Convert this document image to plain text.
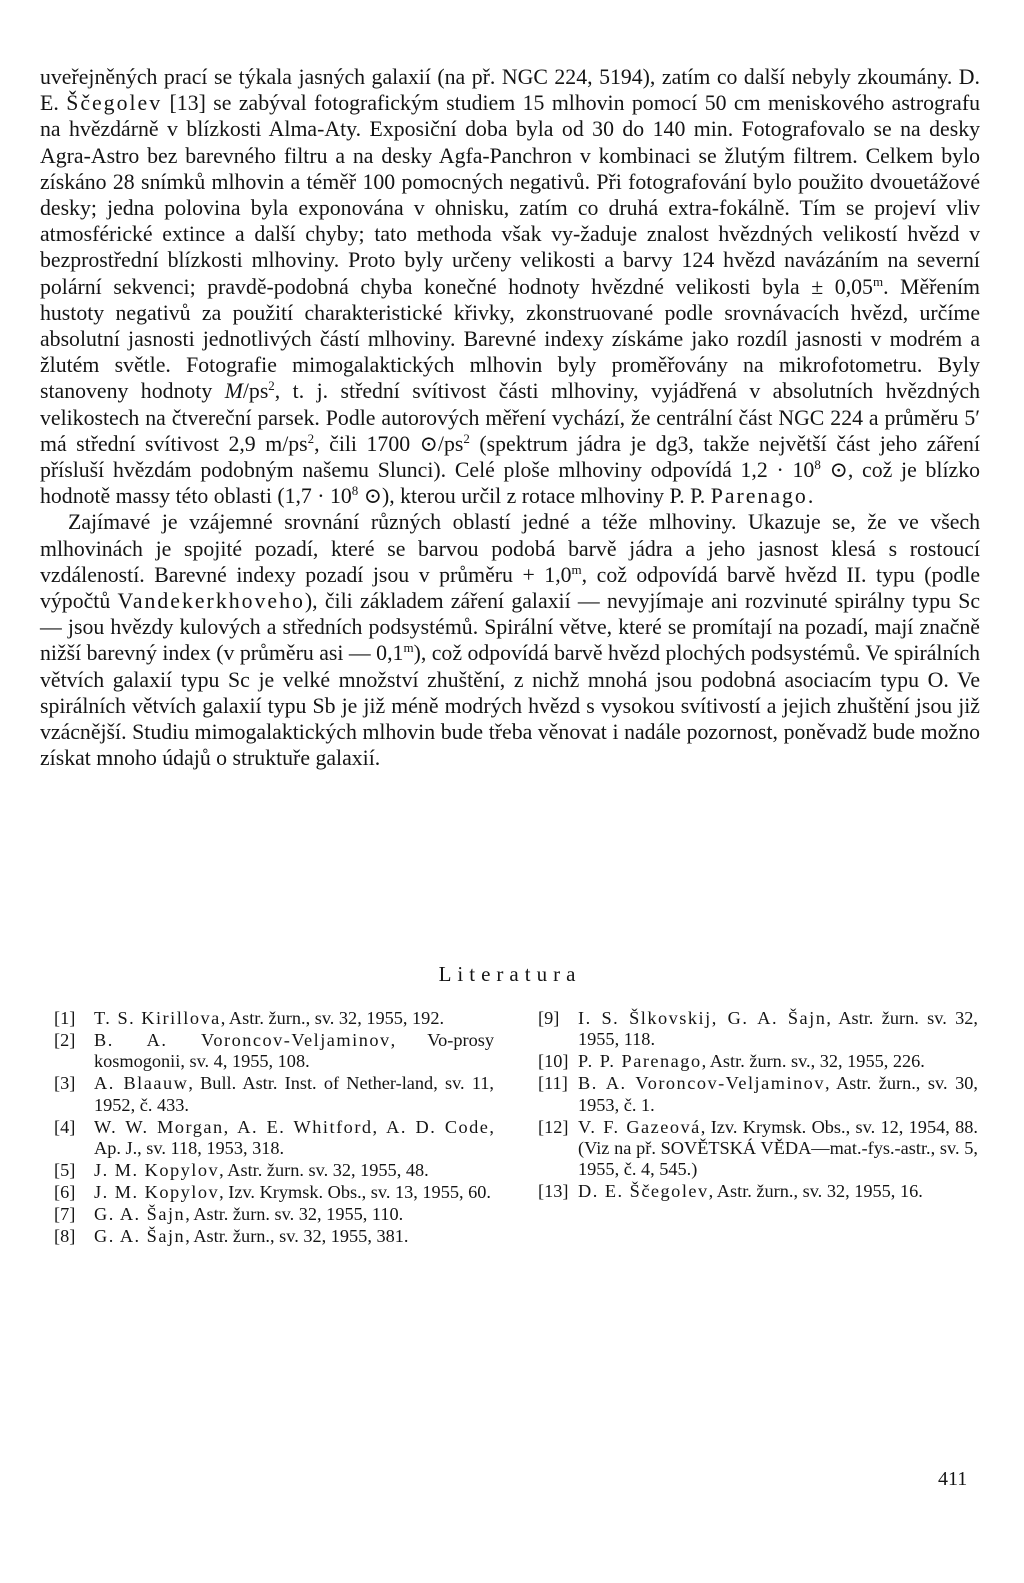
uveřejněných prací se týkala jasných galaxií (na př. NGC 224, 5194), zatím co další nebyly zkoumány. D. E. Ščegolev [13] se zabýval fotografickým studiem 15 mlhovin pomocí 50 cm meniskového astrografu na hvězdárně v blízkosti Alma-Aty. Exposiční doba byla od 30 do 140 min. Fotografovalo se na desky Agra-Astro bez barevného filtru a na desky Agfa-Panchron v kombinaci se žlutým filtrem. Celkem bylo získáno 28 snímků mlhovin a téměř 100 pomocných negativů. Při fotografování bylo použito dvouetážové desky; jedna polovina byla exponována v ohnisku, zatím co druhá extra-fokálně. Tím se projeví vliv atmosférické extince a další chyby; tato methoda však vy-žaduje znalost hvězdných velikostí hvězd v bezprostřední blízkosti mlhoviny. Proto byly určeny velikosti a barvy 124 hvězd navázáním na severní polární sekvenci; pravdě-podobná chyba konečné hodnoty hvězdné velikosti byla ± $0,05^m$. Měřením hustoty negativů za použití charakteristické křivky, zkonstruované podle srovnávacích hvězd, určíme absolutní jasnosti jednotlivých částí mlhoviny. Barevné indexy získáme jako rozdíl jasnosti v modrém a žlutém světle. Fotografie mimogalaktických mlhovin byly proměřovány na mikrofotometru. Byly stanoveny hodnoty $M/ps^2$, t. j. střední svítivost části mlhoviny, vyjádřená v absolutních hvězdných velikostech na čtvereční parsek. Podle autorových měření vychází, že centrální část NGC 224 a průměru 5′ má střední svítivost 2,9 $m/ps^2$, čili 1700 $⊙/ps^2$ (spektrum jádra je dg3, takže největší část jeho záření přísluší hvězdám podobným našemu Slunci). Celé ploše mlhoviny odpovídá $1,2 \cdot 10^8$ ⊙, což je blízko hodnotě massy této oblasti ($1,7 \cdot 10^8$ ⊙), kterou určil z rotace mlhoviny P. P. Parenago.

Zajímavé je vzájemné srovnání různých oblastí jedné a téže mlhoviny. Ukazuje se, že ve všech mlhovinách je spojité pozadí, které se barvou podobá barvě jádra a jeho jasnost klesá s rostoucí vzdáleností. Barevné indexy pozadí jsou v průměru + $1,0^m$, což odpovídá barvě hvězd II. typu (podle výpočtů Vandekerkhoveho), čili základem záření galaxií — nevyjímaje ani rozvinuté spirálny typu Sc — jsou hvězdy kulových a středních podsystémů. Spirální větve, které se promítají na pozadí, mají značně nižší barevný index (v průměru asi — 0,1$^m$), což odpovídá barvě hvězd plochých podsystémů. Ve spirálních větvích galaxií typu Sc je velké množství zhuštění, z nichž mnohá jsou podobná asociacím typu O. Ve spirálních větvích galaxií typu Sb je již méně modrých hvězd s vysokou svítivostí a jejich zhuštění jsou již vzácnější. Studiu mimogalaktických mlhovin bude třeba věnovat i nadále pozornost, poněvadž bude možno získat mnoho údajů o struktuře galaxií.

Literatura
[1]	T. S. Kirillova, Astr. žurn., sv. 32, 1955, 192.
[2]	B. A. Voroncov-Veljaminov, Vo-prosy kosmogonii, sv. 4, 1955, 108.
[3]	A. Blaauw, Bull. Astr. Inst. of Nether-land, sv. 11, 1952, č. 433.
[4]	W. W. Morgan, A. E. Whitford, A. D. Code, Ap. J., sv. 118, 1953, 318.
[5]	J. M. Kopylov, Astr. žurn. sv. 32, 1955, 48.
[6]	J. M. Kopylov, Izv. Krymsk. Obs., sv. 13, 1955, 60.
[7]	G. A. Šajn, Astr. žurn. sv. 32, 1955, 110.
[8]	G. A. Šajn, Astr. žurn., sv. 32, 1955, 381.
[9]	I. S. Šlkovskij, G. A. Šajn, Astr. žurn. sv. 32, 1955, 118.
[10] P. P. Parenago, Astr. žurn. sv., 32, 1955, 226.
[11] B. A. Voroncov-Veljaminov, Astr. žurn., sv. 30, 1953, č. 1.
[12] V. F. Gazeová, Izv. Krymsk. Obs., sv. 12, 1954, 88. (Viz na př. SOVĚTSKÁ VĚDA—mat.-fys.-astr., sv. 5, 1955, č. 4, 545.)
[13] D. E. Ščegolev, Astr. žurn., sv. 32, 1955, 16.
411
